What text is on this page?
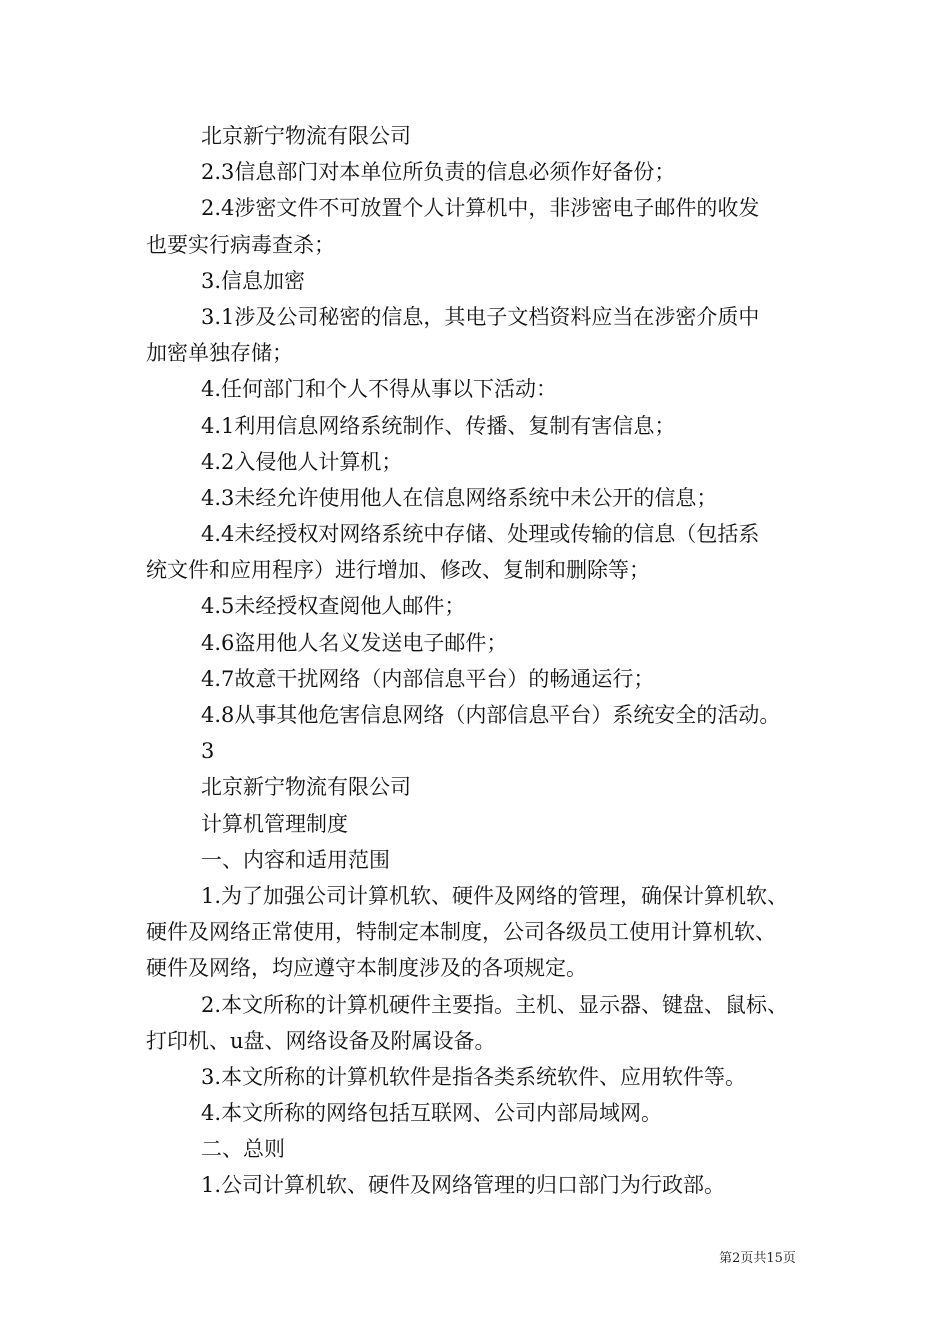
北京新宁物流有限公司
2.3信息部门对本单位所负责的信息必须作好备份；
2.4涉密文件不可放置个人计算机中，非涉密电子邮件的收发
也要实行病毒查杀；
3.信息加密
3.1涉及公司秘密的信息，其电子文档资料应当在涉密介质中
加密单独存储；
4.任何部门和个人不得从事以下活动：
4.1利用信息网络系统制作、传播、复制有害信息；
4.2入侵他人计算机；
4.3未经允许使用他人在信息网络系统中未公开的信息；
4.4未经授权对网络系统中存储、处理或传输的信息（包括系
统文件和应用程序）进行增加、修改、复制和删除等；
4.5未经授权查阅他人邮件；
4.6盗用他人名义发送电子邮件；
4.7故意干扰网络（内部信息平台）的畅通运行；
4.8从事其他危害信息网络（内部信息平台）系统安全的活动。
3
北京新宁物流有限公司
计算机管理制度
一、内容和适用范围
1.为了加强公司计算机软、硬件及网络的管理，确保计算机软、
硬件及网络正常使用，特制定本制度，公司各级员工使用计算机软、
硬件及网络，均应遵守本制度涉及的各项规定。
2.本文所称的计算机硬件主要指。主机、显示器、键盘、鼠标、
打印机、u盘、网络设备及附属设备。
3.本文所称的计算机软件是指各类系统软件、应用软件等。
4.本文所称的网络包括互联网、公司内部局域网。
二、总则
1.公司计算机软、硬件及网络管理的归口部门为行政部。
第2页共15页
